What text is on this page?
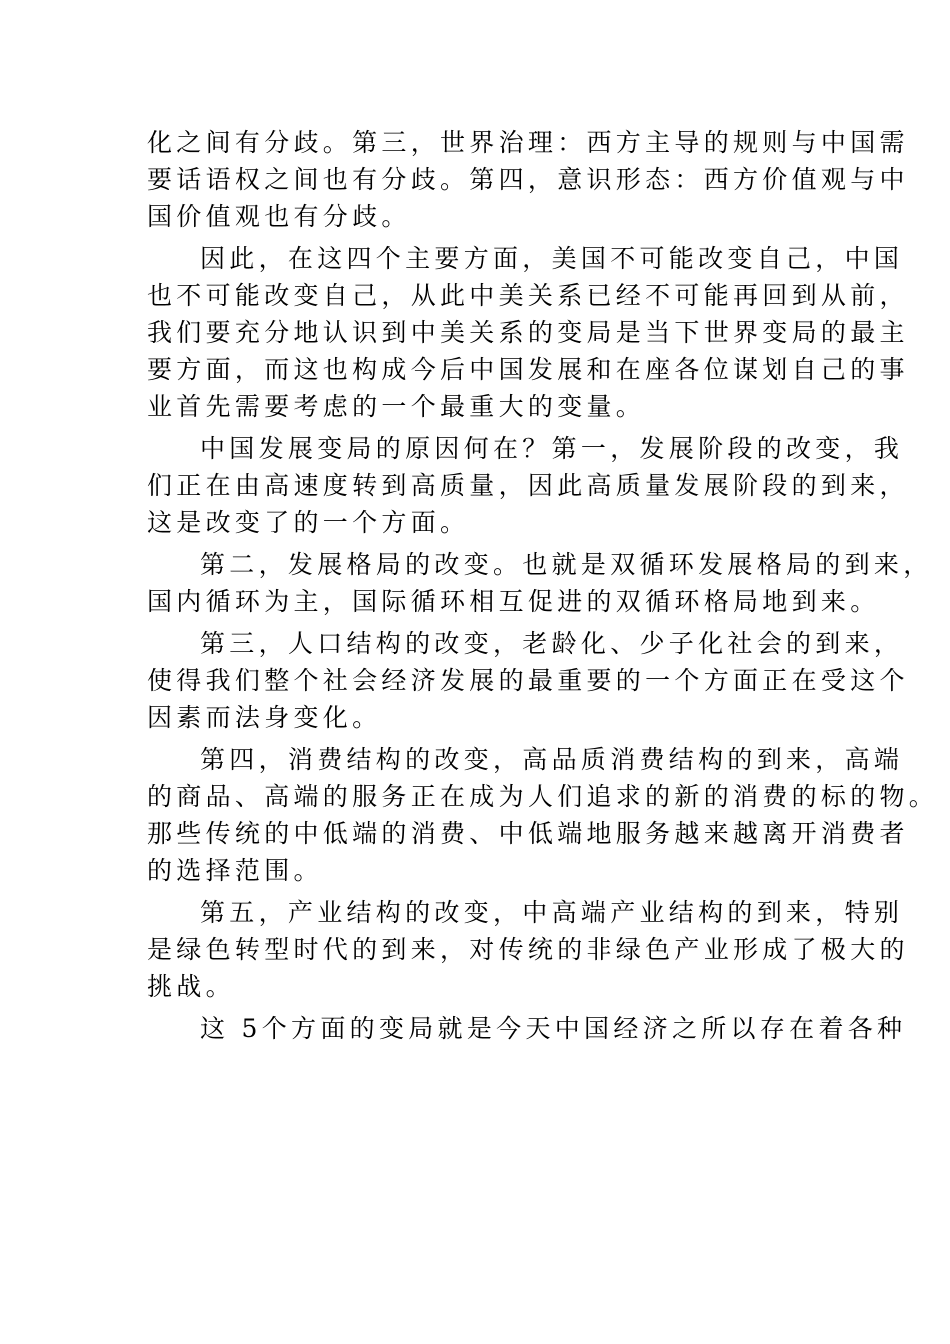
化之间有分歧。第三，世界治理：西方主导的规则与中国需
要话语权之间也有分歧。第四，意识形态：西方价值观与中
国价值观也有分歧。

因此，在这四个主要方面，美国不可能改变自己，中国
也不可能改变自己，从此中美关系已经不可能再回到从前，
我们要充分地认识到中美关系的变局是当下世界变局的最主
要方面，而这也构成今后中国发展和在座各位谋划自己的事
业首先需要考虑的一个最重大的变量。

中国发展变局的原因何在？第一，发展阶段的改变，我
们正在由高速度转到高质量，因此高质量发展阶段的到来，
这是改变了的一个方面。

第二，发展格局的改变。也就是双循环发展格局的到来，
国内循环为主，国际循环相互促进的双循环格局地到来。

第三，人口结构的改变，老龄化、少子化社会的到来，
使得我们整个社会经济发展的最重要的一个方面正在受这个
因素而法身变化。

第四，消费结构的改变，高品质消费结构的到来，高端
的商品、高端的服务正在成为人们追求的新的消费的标的物。
那些传统的中低端的消费、中低端地服务越来越离开消费者
的选择范围。

第五，产业结构的改变，中高端产业结构的到来，特别
是绿色转型时代的到来，对传统的非绿色产业形成了极大的
挑战。

这 5个方面的变局就是今天中国经济之所以存在着各种
